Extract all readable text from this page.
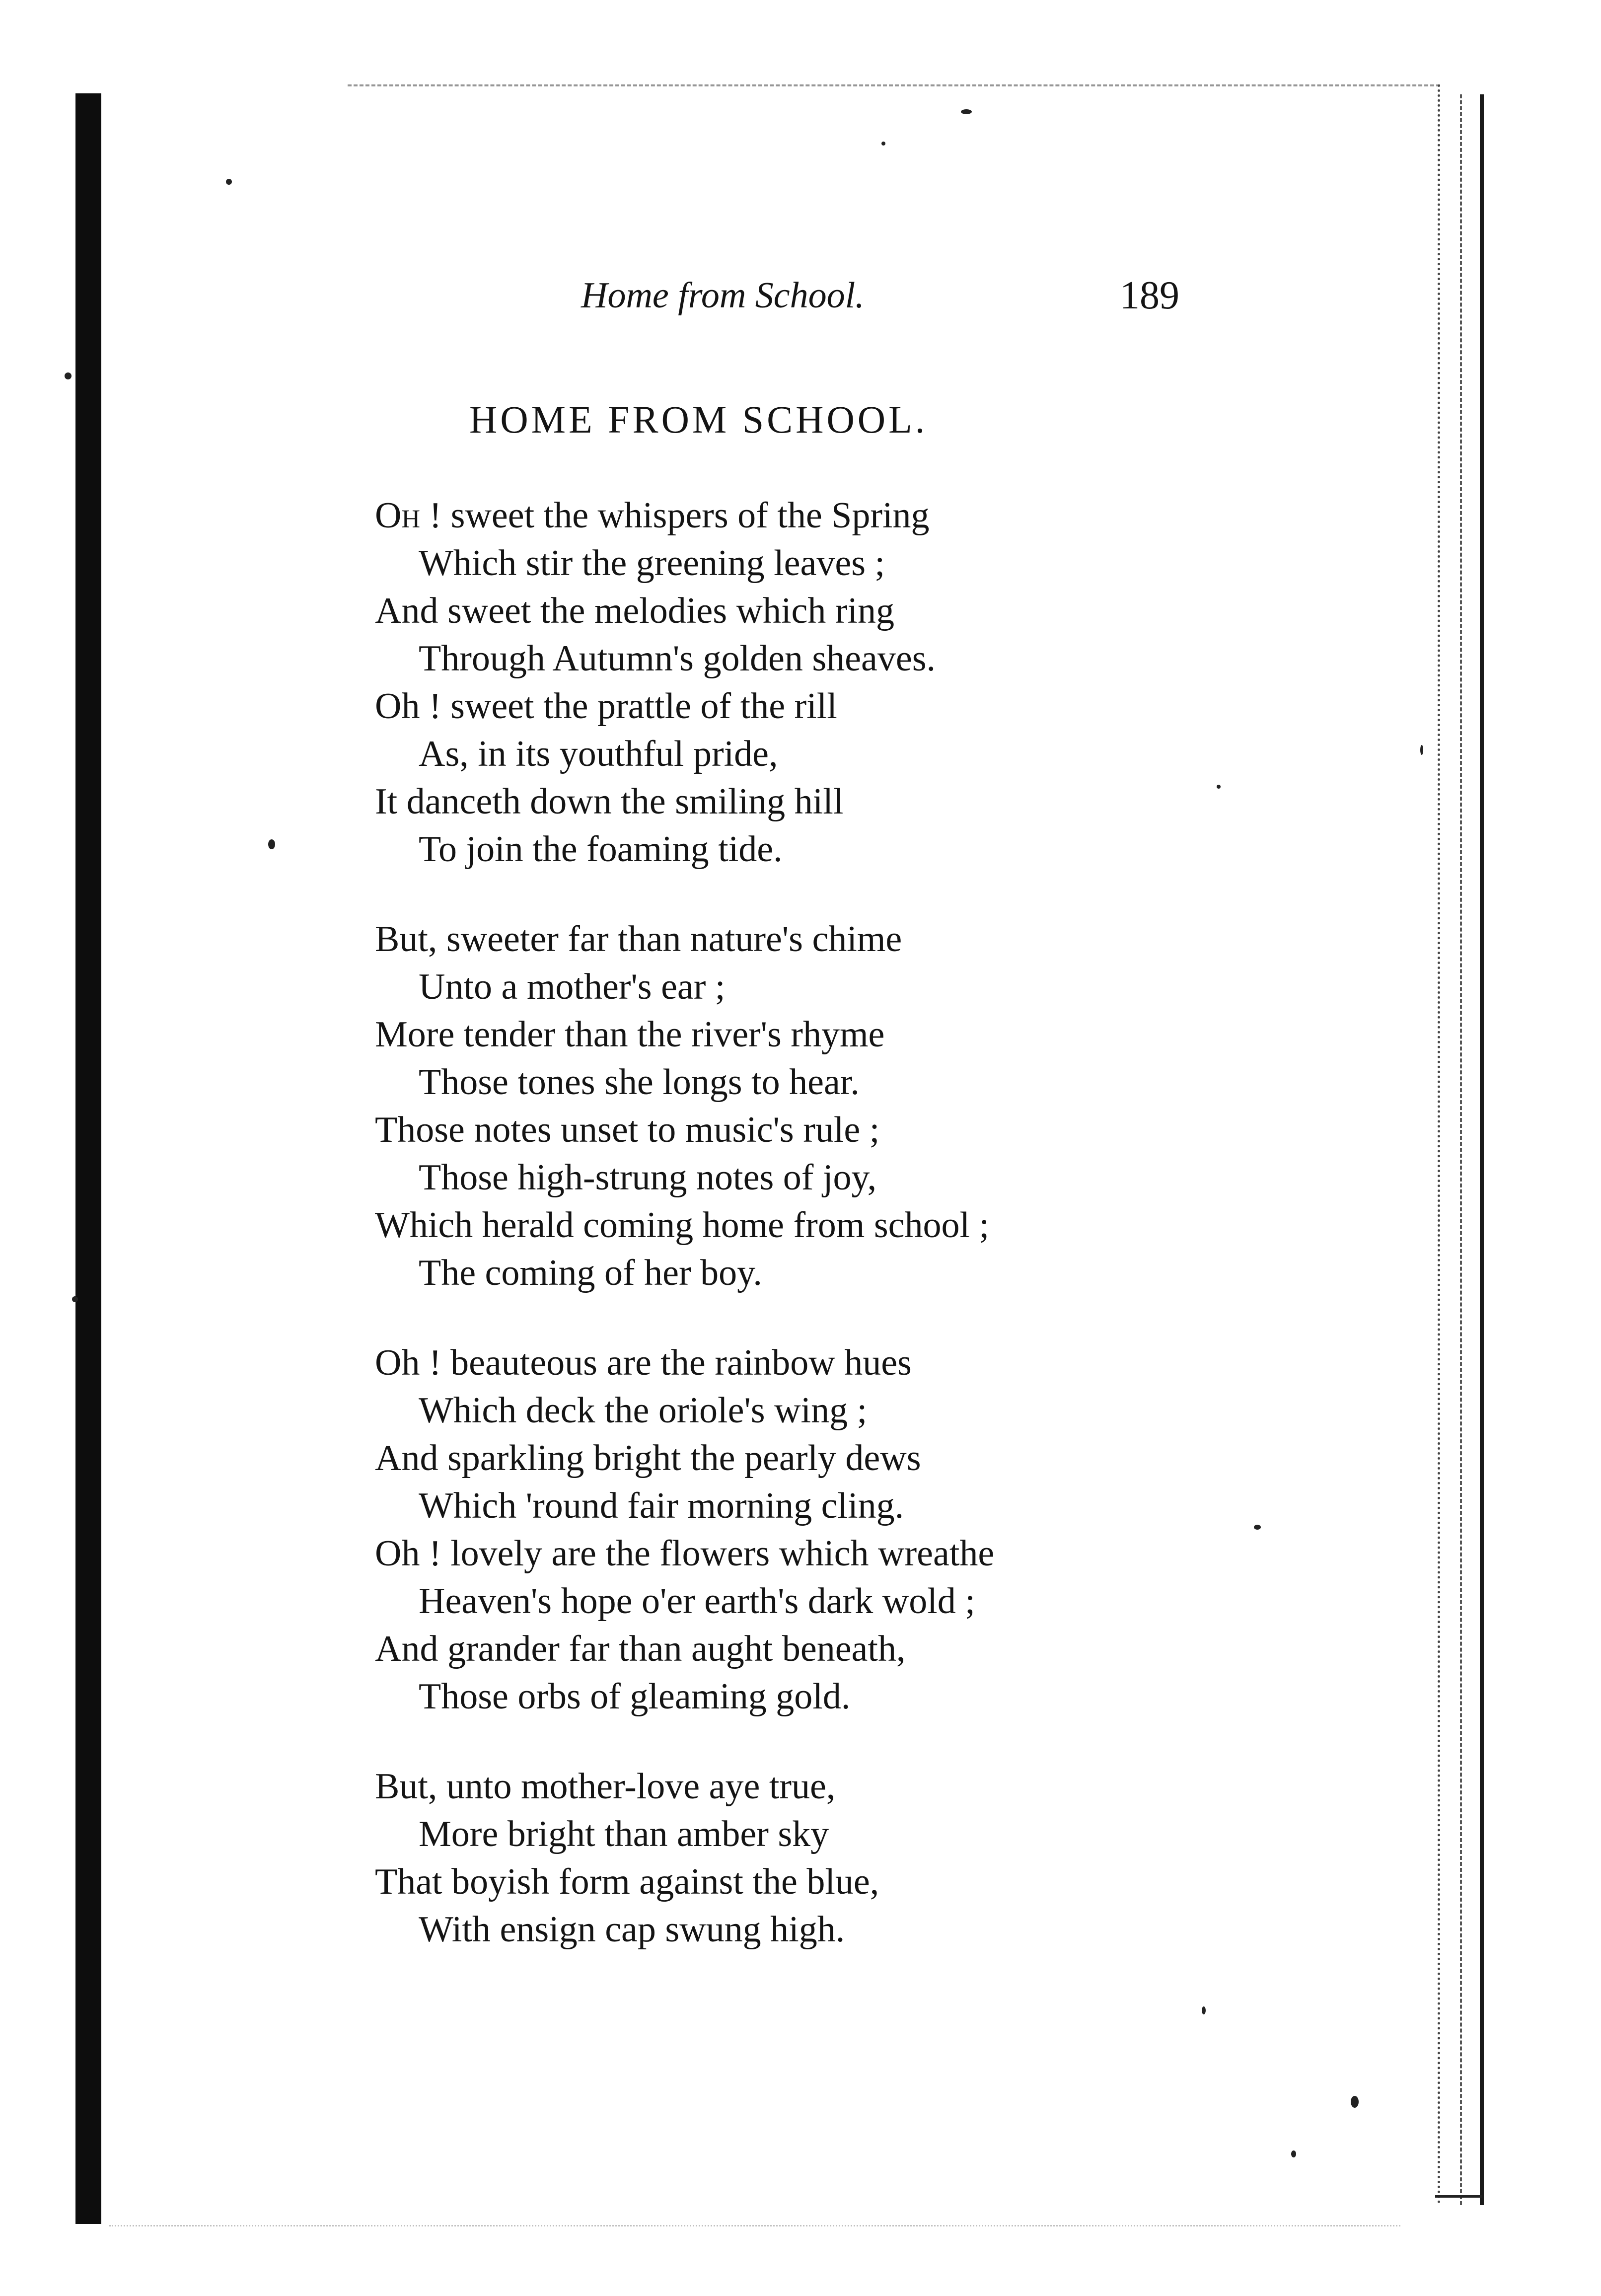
Home from School.	189
HOME FROM SCHOOL.
Oh ! sweet the whispers of the Spring
Which stir the greening leaves ;
And sweet the melodies which ring
Through Autumn's golden sheaves.
Oh ! sweet the prattle of the rill
As, in its youthful pride,
It danceth down the smiling hill
To join the foaming tide.
But, sweeter far than nature's chime
Unto a mother's ear ;
More tender than the river's rhyme
Those tones she longs to hear.
Those notes unset to music's rule ;
Those high-strung notes of joy,
Which herald coming home from school ;
The coming of her boy.
Oh ! beauteous are the rainbow hues
Which deck the oriole's wing ;
And sparkling bright the pearly dews
Which 'round fair morning cling.
Oh ! lovely are the flowers which wreathe
Heaven's hope o'er earth's dark wold ;
And grander far than aught beneath,
Those orbs of gleaming gold.
But, unto mother-love aye true,
More bright than amber sky
That boyish form against the blue,
With ensign cap swung high.
